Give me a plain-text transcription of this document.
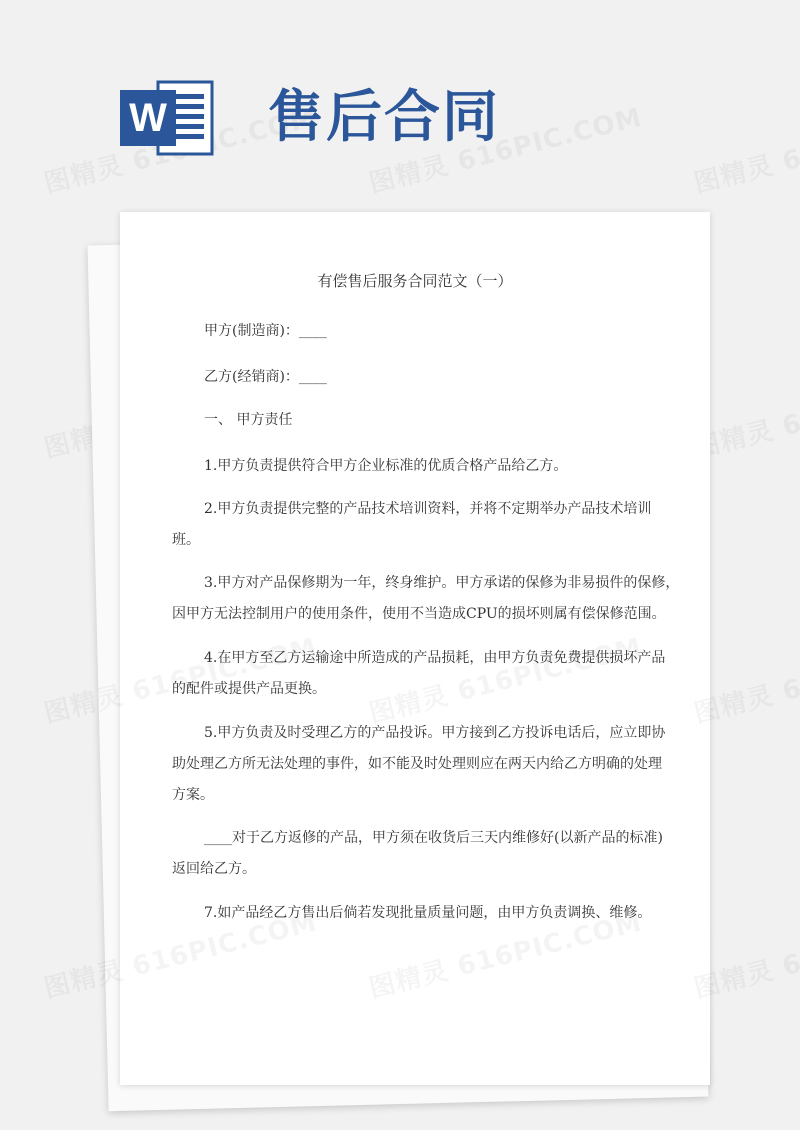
W 售后合同
有偿售后服务合同范文（一）
甲方(制造商)：____
乙方(经销商)：____
一、 甲方责任
1.甲方负责提供符合甲方企业标准的优质合格产品给乙方。
2.甲方负责提供完整的产品技术培训资料，并将不定期举办产品技术培训
班。
3.甲方对产品保修期为一年，终身维护。甲方承诺的保修为非易损件的保修，
因甲方无法控制用户的使用条件，使用不当造成CPU的损坏则属有偿保修范围。
4.在甲方至乙方运输途中所造成的产品损耗，由甲方负责免费提供损坏产品
的配件或提供产品更换。
5.甲方负责及时受理乙方的产品投诉。甲方接到乙方投诉电话后，应立即协
助处理乙方所无法处理的事件，如不能及时处理则应在两天内给乙方明确的处理
方案。
____对于乙方返修的产品，甲方须在收货后三天内维修好(以新产品的标准)
返回给乙方。
7.如产品经乙方售出后倘若发现批量质量问题，由甲方负责调换、维修。
